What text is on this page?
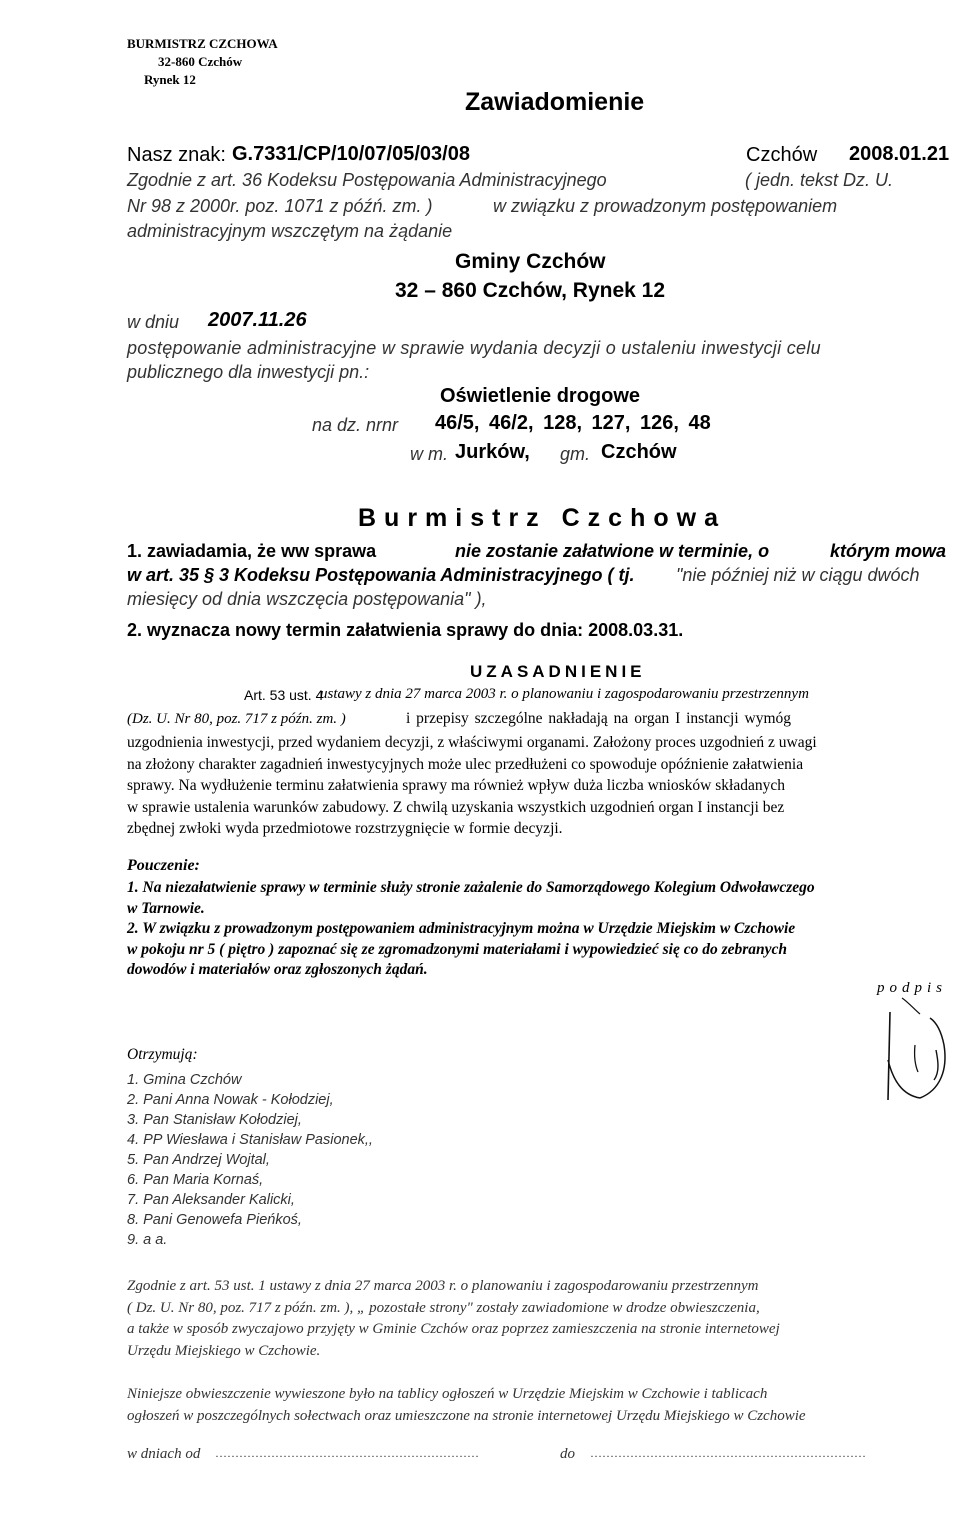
BURMISTRZ CZCHOWA
32-860 Czchów
Rynek 12
Zawiadomienie
Nasz znak: G.7331/CP/10/07/05/03/08	Czchów 2008.01.21
Zgodnie z art. 36 Kodeksu Postępowania Administracyjnego	( jedn. tekst Dz. U.
Nr 98 z 2000r. poz. 1071 z późń. zm. )	w związku z prowadzonym postępowaniem
administracyjnym wszczętym na żądanie
Gminy Czchów
32 – 860 Czchów, Rynek 12
w dniu 2007.11.26
postępowanie administracyjne w sprawie wydania decyzji o ustaleniu inwestycji celu
publicznego dla inwestycji pn.:
Oświetlenie drogowe
na dz. nrnr 46/5, 46/2, 128, 127, 126, 48
w m. Jurków, gm. Czchów
Burmistrz Czchowa
1. zawiadamia, że ww sprawa	nie zostanie załatwione w terminie, o	którym mowa
w art. 35 § 3 Kodeksu Postępowania Administracyjnego ( tj. "nie później niż w ciągu dwóch
miesięcy od dnia wszczęcia postępowania" ),
2. wyznacza nowy termin załatwienia sprawy do dnia: 2008.03.31.
UZASADNIENIE
Art. 53 ust. 4
ustawy z dnia 27 marca 2003 r. o planowaniu i zagospodarowaniu przestrzennym
(Dz. U. Nr 80, poz. 717 z późn. zm. )	i przepisy szczególne nakładają na organ I instancji wymóg
uzgodnienia inwestycji, przed wydaniem decyzji, z właściwymi organami. Założony proces uzgodnień z uwagi
na złożony charakter zagadnień inwestycyjnych może ulec przedłużeni co spowoduje opóźnienie załatwienia
sprawy. Na wydłużenie terminu załatwienia sprawy ma również wpływ duża liczba wniosków składanych
w sprawie ustalenia warunków zabudowy. Z chwilą uzyskania wszystkich uzgodnień organ I instancji bez
zbędnej zwłoki wyda przedmiotowe rozstrzygnięcie w formie decyzji.
Pouczenie:
1. Na niezałatwienie sprawy w terminie służy stronie zażalenie do Samorządowego Kolegium Odwoławczego
w Tarnowie.
2. W związku z prowadzonym postępowaniem administracyjnym można w Urzędzie Miejskim w Czchowie
w pokoju nr 5 ( piętro ) zapoznać się ze zgromadzonymi materiałami i wypowiedzieć się co do zebranych
dowodów i materiałów oraz zgłoszonych żądań.
podpis
Otrzymują:
1. Gmina Czchów
2. Pani Anna Nowak - Kołodziej,
3. Pan Stanisław Kołodziej,
4. PP Wiesława i Stanisław Pasionek,,
5. Pan Andrzej Wojtal,
6. Pan Maria Kornaś,
7. Pan Aleksander Kalicki,
8. Pani Genowefa Pieńkoś,
9. a a.
Zgodnie z art. 53 ust. 1 ustawy z dnia 27 marca 2003 r. o planowaniu i zagospodarowaniu przestrzennym
( Dz. U. Nr 80, poz. 717 z późn. zm. ), „ pozostałe strony" zostały zawiadomione w drodze obwieszczenia,
a także w sposób zwyczajowo przyjęty w Gminie Czchów oraz poprzez zamieszczenia na stronie internetowej
Urzędu Miejskiego w Czchowie.
Niniejsze obwieszczenie wywieszone było na tablicy ogłoszeń w Urzędzie Miejskim w Czchowie i tablicach
ogłoszeń w poszczególnych sołectwach oraz umieszczone na stronie internetowej Urzędu Miejskiego w Czchowie
w dniach od …………………………………………………………	do ……………………………………………………………
